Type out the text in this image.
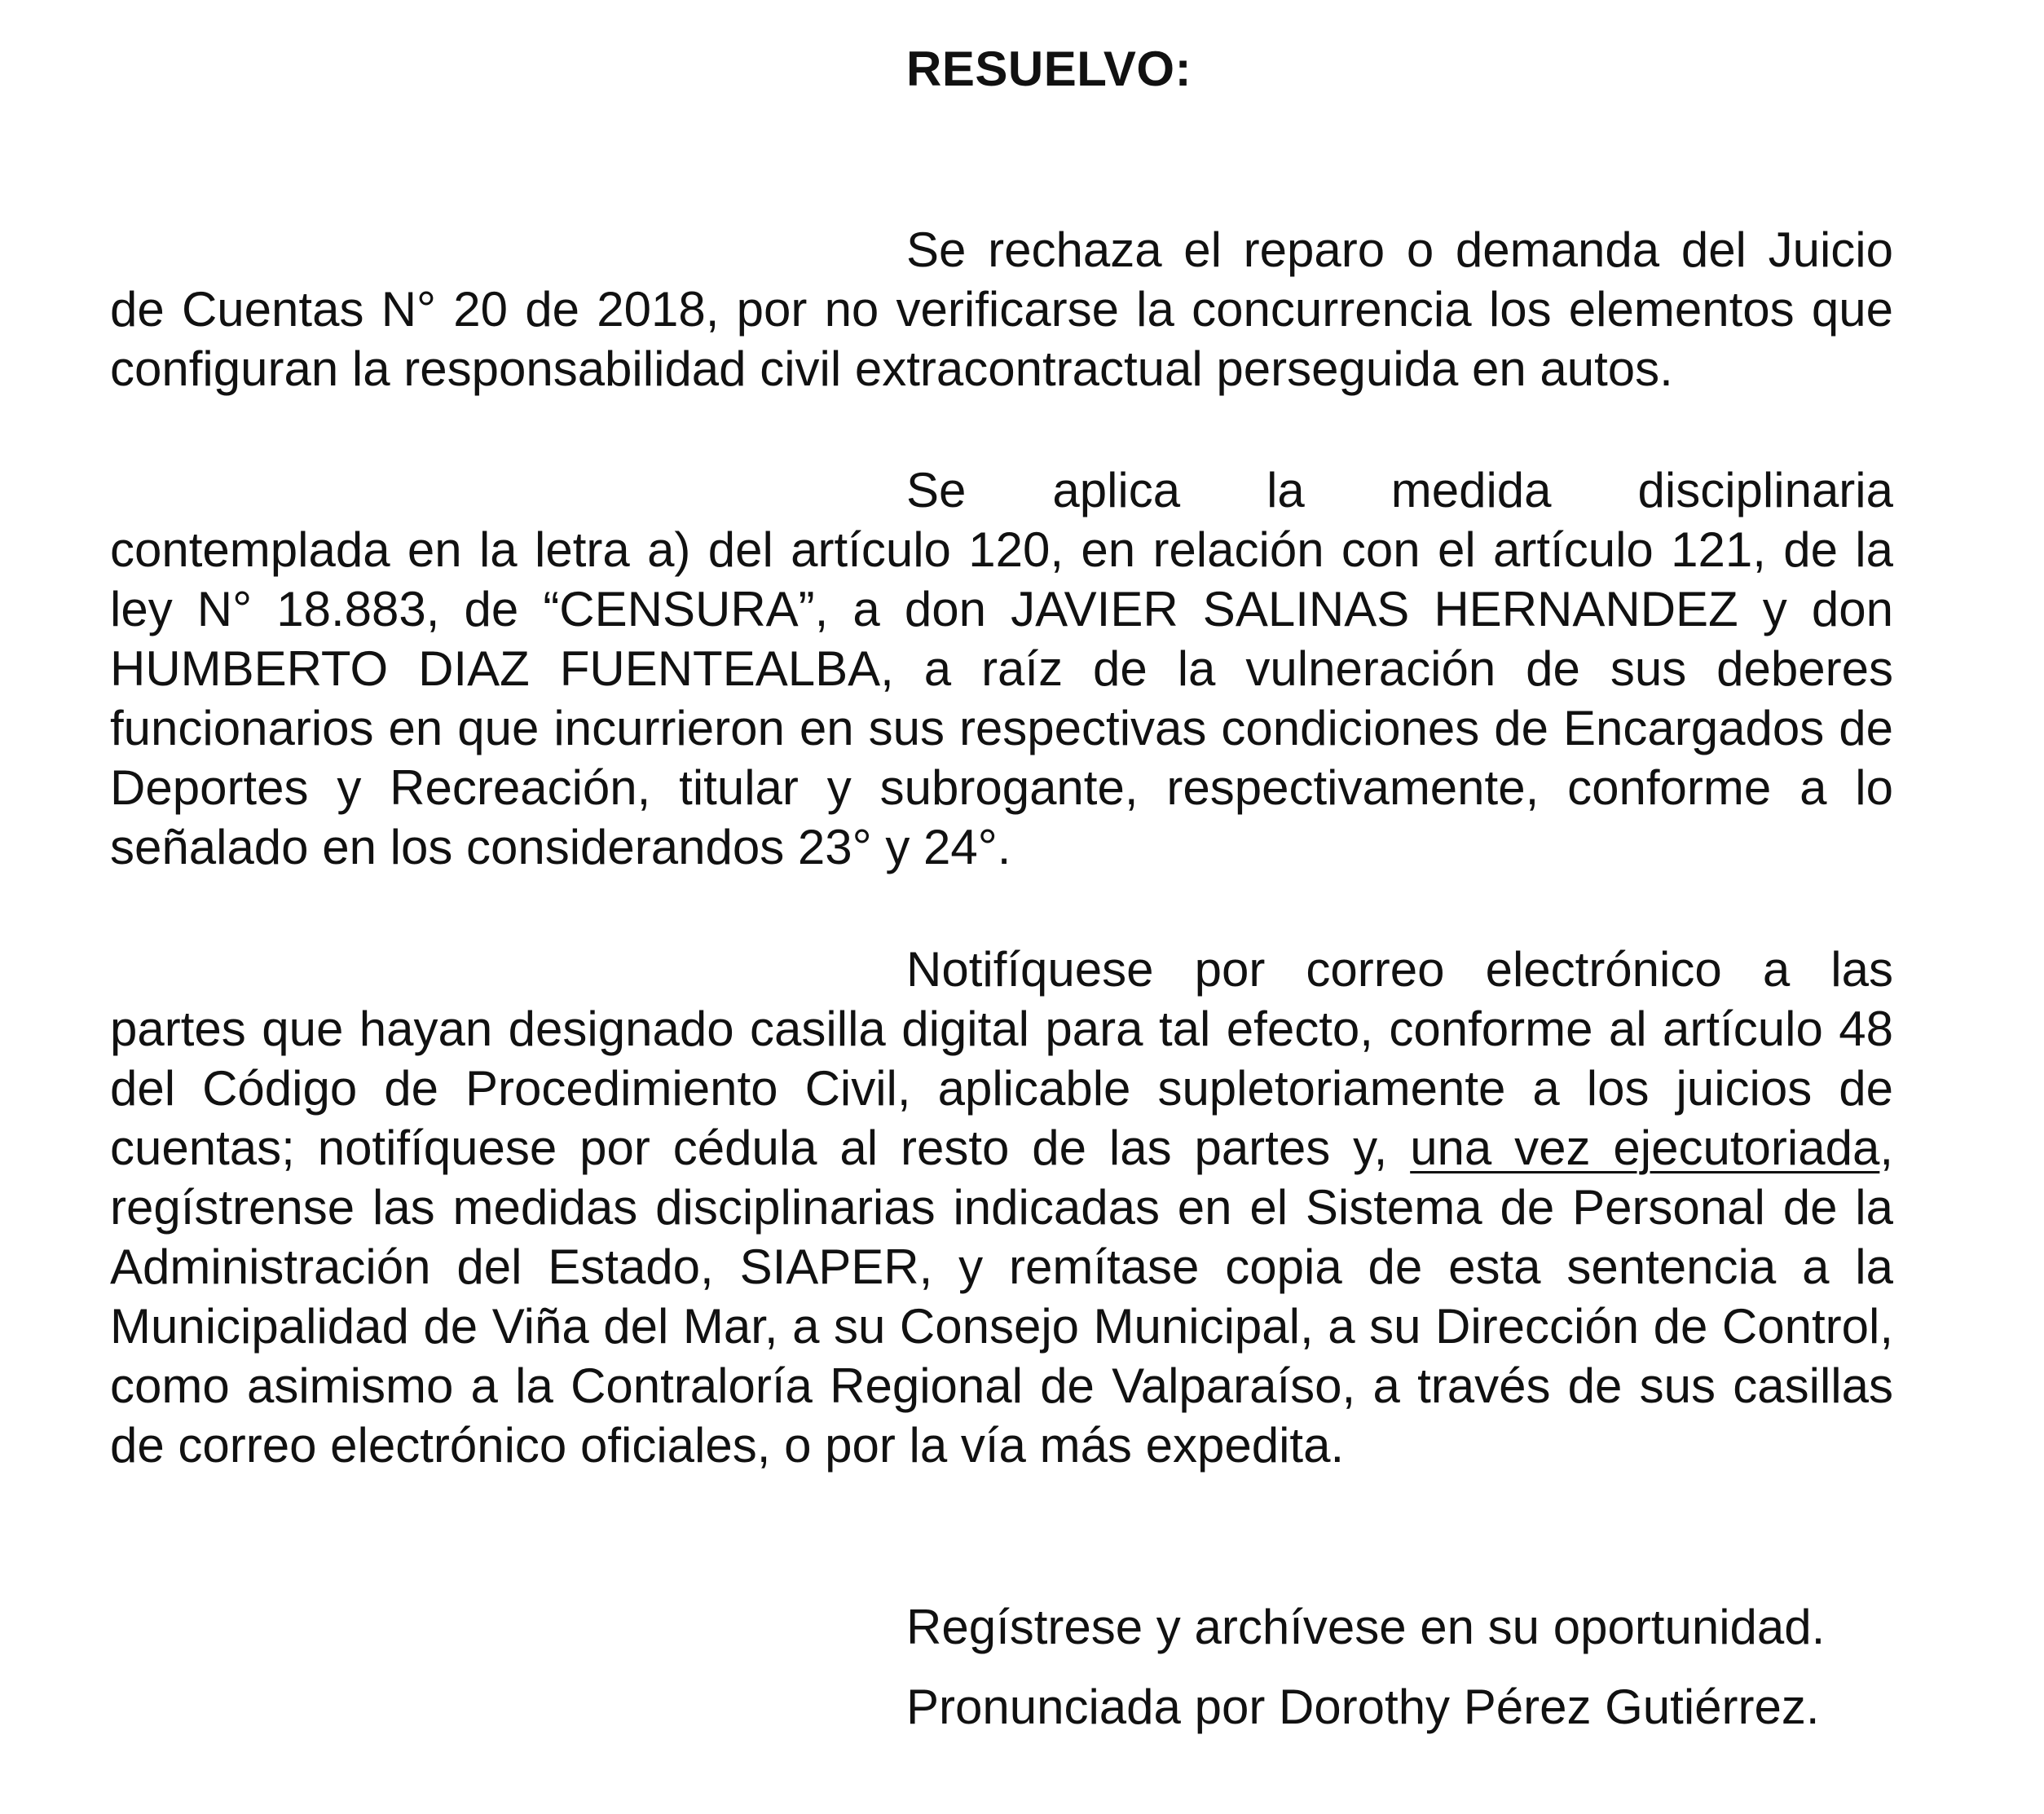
RESUELVO:

Se rechaza el reparo o demanda del Juicio de Cuentas N° 20 de 2018, por no verificarse la concurrencia los elementos que configuran la responsabilidad civil extracontractual perseguida en autos.

Se aplica la medida disciplinaria contemplada en la letra a) del artículo 120, en relación con el artículo 121, de la ley N° 18.883, de “CENSURA”, a don JAVIER SALINAS HERNANDEZ y don HUMBERTO DIAZ FUENTEALBA, a raíz de la vulneración de sus deberes funcionarios en que incurrieron en sus respectivas condiciones de Encargados de Deportes y Recreación, titular y subrogante, respectivamente, conforme a lo señalado en los considerandos 23° y 24°.

Notifíquese por correo electrónico a las partes que hayan designado casilla digital para tal efecto, conforme al artículo 48 del Código de Procedimiento Civil, aplicable supletoriamente a los juicios de cuentas; notifíquese por cédula al resto de las partes y, una vez ejecutoriada, regístrense las medidas disciplinarias indicadas en el Sistema de Personal de la Administración del Estado, SIAPER, y remítase copia de esta sentencia a la Municipalidad de Viña del Mar, a su Consejo Municipal, a su Dirección de Control, como asimismo a la Contraloría Regional de Valparaíso, a través de sus casillas de correo electrónico oficiales, o por la vía más expedita.

Regístrese y archívese en su oportunidad.

Pronunciada por Dorothy Pérez Gutiérrez.
